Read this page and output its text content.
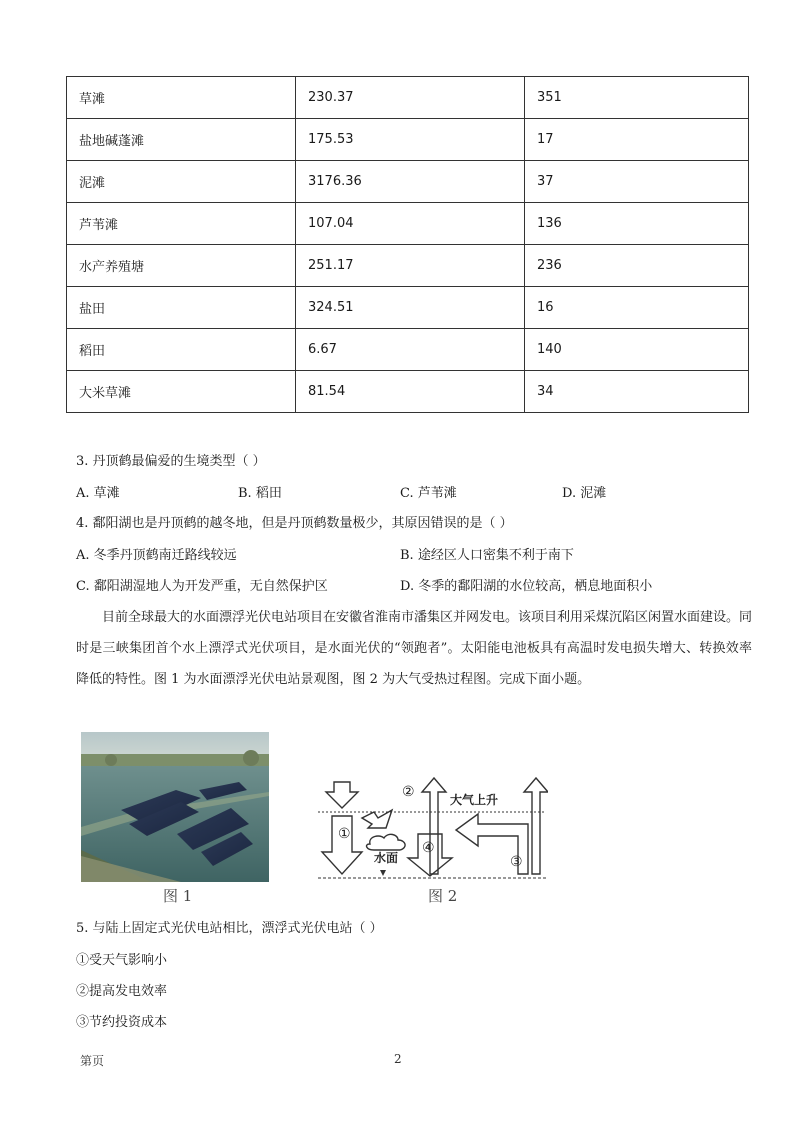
草滩	230.37	351
盐地碱蓬滩	175.53	17
泥滩	3176.36	37
芦苇滩	107.04	136
水产养殖塘	251.17	236
盐田	324.51	16
稻田	6.67	140
大米草滩	81.54	34
3. 丹顶鹤最偏爱的生境类型（ ）
A. 草滩	B. 稻田	C. 芦苇滩	D. 泥滩
4. 鄱阳湖也是丹顶鹤的越冬地，但是丹顶鹤数量极少，其原因错误的是（ ）
A. 冬季丹顶鹤南迁路线较远	B. 途经区人口密集不利于南下
C. 鄱阳湖湿地人为开发严重，无自然保护区	D. 冬季的鄱阳湖的水位较高，栖息地面积小
目前全球最大的水面漂浮光伏电站项目在安徽省淮南市潘集区并网发电。该项目利用采煤沉陷区闲置水面建设。同时是三峡集团首个水上漂浮式光伏项目，是水面光伏的“领跑者”。太阳能电池板具有高温时发电损失增大、转换效率降低的特性。图 1 为水面漂浮光伏电站景观图，图 2 为大气受热过程图。完成下面小题。
图 1
①
②
③
④
大气上升
水面
图 2
5. 与陆上固定式光伏电站相比，漂浮式光伏电站（ ）
①受天气影响小
②提高发电效率
③节约投资成本
第页	2
